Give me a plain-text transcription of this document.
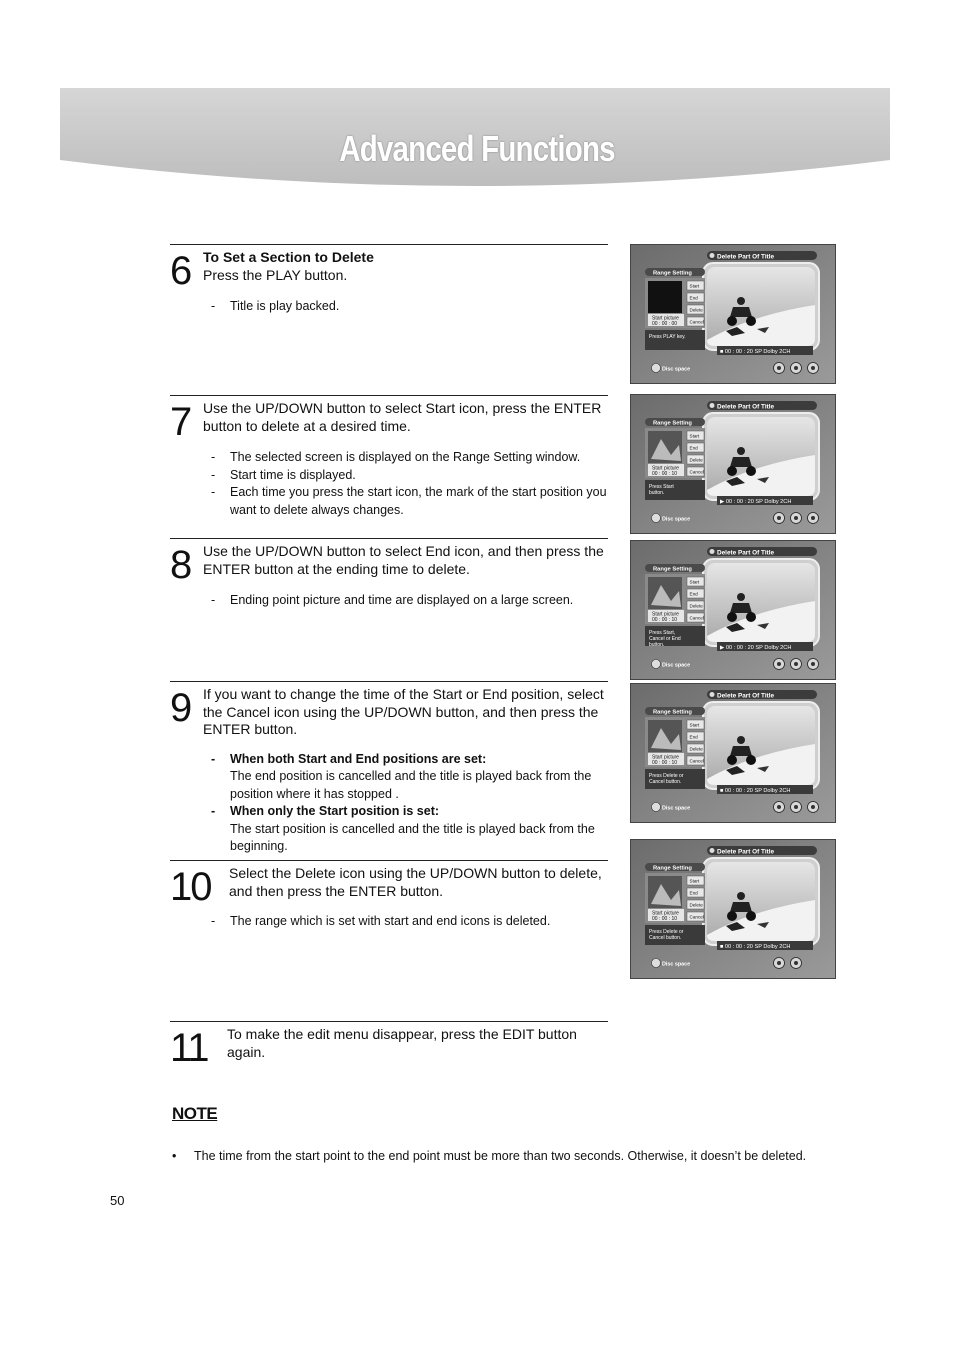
Advanced Functions
6 To Set a Section to Delete
Press the PLAY button.
- Title is play backed.
7 Use the UP/DOWN button to select Start icon, press the ENTER button to delete at a desired time.
- The selected screen is displayed on the Range Setting window.
- Start time is displayed.
- Each time you press the start icon, the mark of the start position you want to delete always changes.
8 Use the UP/DOWN button to select End icon, and then press the ENTER button at the ending time to delete.
- Ending point picture and time are displayed on a large screen.
9 If you want to change the time of the Start or End position, select the Cancel icon using the UP/DOWN button, and then press the ENTER button.
- When both Start and End positions are set:
The end position is cancelled and the title is played back from the position where it has stopped .
- When only the Start position is set:
The start position is cancelled and the title is played back from the beginning.
10 Select the Delete icon using the UP/DOWN button to delete, and then press the ENTER button.
- The range which is set with start and end icons is deleted.
11 To make the edit menu disappear, press the EDIT button again.
Delete Part Of Title
■ 00 : 00 : 20 SP Dolby 2CH
Range Setting
Start picture
00 : 00 : 00
Start
End
Delete
Cancel
Press PLAY key.
Disc space
Delete Part Of Title
▶ 00 : 00 : 20 SP Dolby 2CH
Range Setting
Start picture
00 : 00 : 10
Start
End
Delete
Cancel
Press Start
button.
Disc space
Delete Part Of Title
▶ 00 : 00 : 20 SP Dolby 2CH
Range Setting
Start picture
00 : 00 : 10
Start
End
Delete
Cancel
Press Start,
Cancel or End
button.
Disc space
Delete Part Of Title
■ 00 : 00 : 20 SP Dolby 2CH
Range Setting
Start picture
00 : 00 : 10
Start
End
Delete
Cancel
Press Delete or
Cancel button.
Disc space
Delete Part Of Title
■ 00 : 00 : 20 SP Dolby 2CH
Range Setting
Start picture
00 : 00 : 10
Start
End
Delete
Cancel
Press Delete or
Cancel button.
Disc space
NOTE
• The time from the start point to the end point must be more than two seconds. Otherwise, it doesn’t be deleted.
50
